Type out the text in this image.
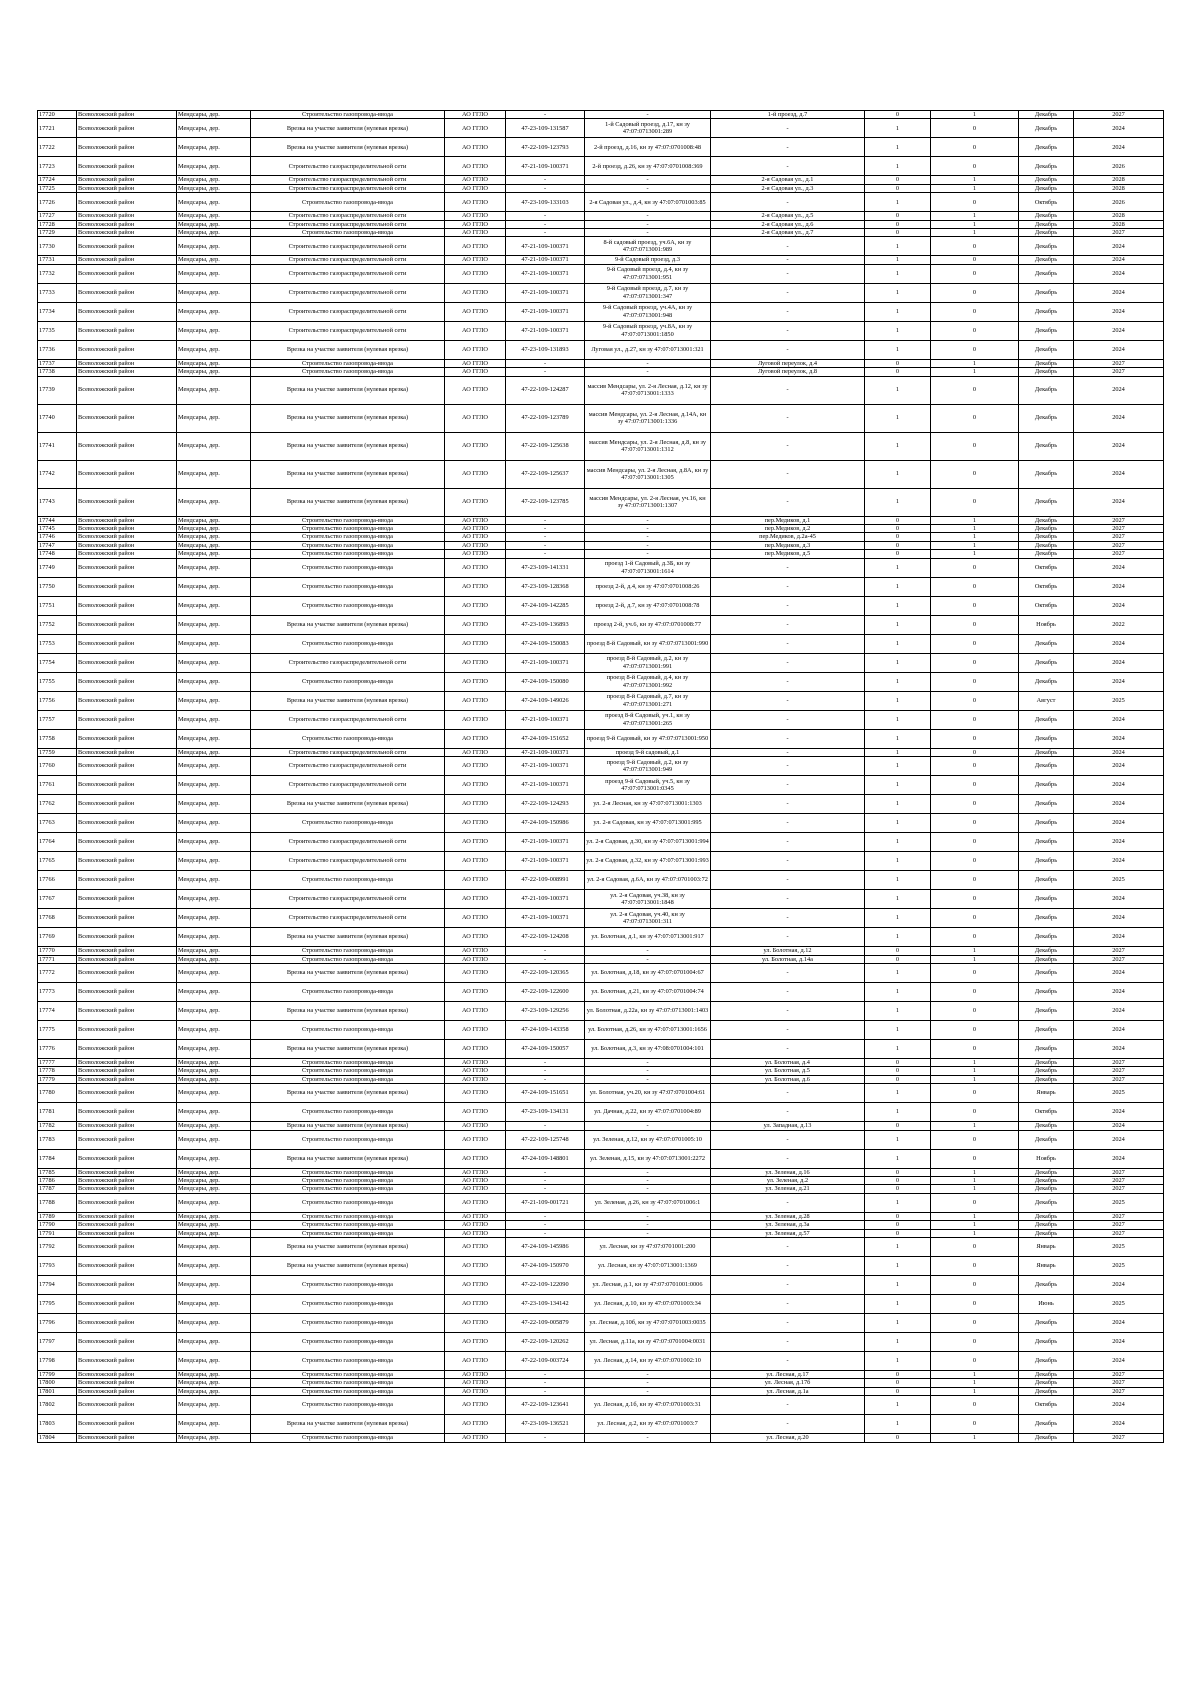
17720	Всеволожский район	Мендсары, дер.	Строительство газопровода-ввода	АО ГГЛО	-	-	1-й проезд, д.7	0	1	Декабрь	2027
17721	Всеволожский район	Мендсары, дер.	Врезка на участке заявителя (нулевая врезка)	АО ГГЛО	47-23-109-131587	1-й Садовый проезд, д.17, кн зу 47:07:0713001:289	-	1	0	Декабрь	2024
17722	Всеволожский район	Мендсары, дер.	Врезка на участке заявителя (нулевая врезка)	АО ГГЛО	47-22-109-123793	2-й проезд, д.16, кн зу 47:07:0701008:48	-	1	0	Декабрь	2024
17723	Всеволожский район	Мендсары, дер.	Строительство газораспределительной сети	АО ГГЛО	47-21-109-100371	2-й проезд, д.26, кн зу 47:07:0701008:369	-	1	0	Декабрь	2026
17724	Всеволожский район	Мендсары, дер.	Строительство газораспределительной сети	АО ГГЛО	-	-	2-я Садовая ул., д.1	0	1	Декабрь	2028
17725	Всеволожский район	Мендсары, дер.	Строительство газораспределительной сети	АО ГГЛО	-	-	2-я Садовая ул., д.3	0	1	Декабрь	2028
17726	Всеволожский район	Мендсары, дер.	Строительство газопровода-ввода	АО ГГЛО	47-23-109-133103	2-я Садовая ул., д.4, кн зу 47:07:0701003:85	-	1	0	Октябрь	2026
17727	Всеволожский район	Мендсары, дер.	Строительство газораспределительной сети	АО ГГЛО	-	-	2-я Садовая ул., д.5	0	1	Декабрь	2028
17728	Всеволожский район	Мендсары, дер.	Строительство газораспределительной сети	АО ГГЛО	-	-	2-я Садовая ул., д.6	0	1	Декабрь	2028
17729	Всеволожский район	Мендсары, дер.	Строительство газопровода-ввода	АО ГГЛО	-	-	2-я Садовая ул., д.7	0	1	Декабрь	2027
17730	Всеволожский район	Мендсары, дер.	Строительство газораспределительной сети	АО ГГЛО	47-21-109-100371	8-й садовый проезд, уч.6А, кн зу 47:07:0713001:989	-	1	0	Декабрь	2024
17731	Всеволожский район	Мендсары, дер.	Строительство газораспределительной сети	АО ГГЛО	47-21-109-100371	9-й Садовый проезд, д.3	-	1	0	Декабрь	2024
17732	Всеволожский район	Мендсары, дер.	Строительство газораспределительной сети	АО ГГЛО	47-21-109-100371	9-й Садовый проезд, д.4, кн зу 47:07:0713001:951	-	1	0	Декабрь	2024
17733	Всеволожский район	Мендсары, дер.	Строительство газораспределительной сети	АО ГГЛО	47-21-109-100371	9-й Садовый проезд, д.7, кн зу 47:07:0713001:347	-	1	0	Декабрь	2024
17734	Всеволожский район	Мендсары, дер.	Строительство газораспределительной сети	АО ГГЛО	47-21-109-100371	9-й Садовый проезд, уч.4А, кн зу 47:07:0713001:948	-	1	0	Декабрь	2024
17735	Всеволожский район	Мендсары, дер.	Строительство газораспределительной сети	АО ГГЛО	47-21-109-100371	9-й Садовый проезд, уч.8А, кн зу 47:07:0713001:1850	-	1	0	Декабрь	2024
17736	Всеволожский район	Мендсары, дер.	Врезка на участке заявителя (нулевая врезка)	АО ГГЛО	47-23-109-131893	Луговая ул., д.27, кн зу 47:07:0713001:321	-	1	0	Декабрь	2024
17737	Всеволожский район	Мендсары, дер.	Строительство газопровода-ввода	АО ГГЛО	-	-	Луговой переулок, д.4	0	1	Декабрь	2027
17738	Всеволожский район	Мендсары, дер.	Строительство газопровода-ввода	АО ГГЛО	-	-	Луговой переулок, д.8	0	1	Декабрь	2027
17739	Всеволожский район	Мендсары, дер.	Врезка на участке заявителя (нулевая врезка)	АО ГГЛО	47-22-109-124287	массив Мендсары, ул. 2-я Лесная, д.12, кн зу 47:07:0713001:1333	-	1	0	Декабрь	2024
17740	Всеволожский район	Мендсары, дер.	Врезка на участке заявителя (нулевая врезка)	АО ГГЛО	47-22-109-123789	массив Мендсары, ул. 2-я Лесная, д.14А, кн зу 47:07:0713001:1336	-	1	0	Декабрь	2024
17741	Всеволожский район	Мендсары, дер.	Врезка на участке заявителя (нулевая врезка)	АО ГГЛО	47-22-109-125638	массив Мендсары, ул. 2-я Лесная, д.8, кн зу 47:07:0713001:1312	-	1	0	Декабрь	2024
17742	Всеволожский район	Мендсары, дер.	Врезка на участке заявителя (нулевая врезка)	АО ГГЛО	47-22-109-125637	массив Мендсары, ул. 2-я Лесная, д.8А, кн зу 47:07:0713001:1305	-	1	0	Декабрь	2024
17743	Всеволожский район	Мендсары, дер.	Врезка на участке заявителя (нулевая врезка)	АО ГГЛО	47-22-109-123785	массив Мендсары, ул. 2-я Лесная, уч.16, кн зу 47:07:0713001:1307	-	1	0	Декабрь	2024
17744	Всеволожский район	Мендсары, дер.	Строительство газопровода-ввода	АО ГГЛО	-	-	пер.Медиков, д.1	0	1	Декабрь	2027
17745	Всеволожский район	Мендсары, дер.	Строительство газопровода-ввода	АО ГГЛО	-	-	пер.Медиков, д.2	0	1	Декабрь	2027
17746	Всеволожский район	Мендсары, дер.	Строительство газопровода-ввода	АО ГГЛО	-	-	пер.Медиков, д.2а-45	0	1	Декабрь	2027
17747	Всеволожский район	Мендсары, дер.	Строительство газопровода-ввода	АО ГГЛО	-	-	пер.Медиков, д.3	0	1	Декабрь	2027
17748	Всеволожский район	Мендсары, дер.	Строительство газопровода-ввода	АО ГГЛО	-	-	пер.Медиков, д.5	0	1	Декабрь	2027
17749	Всеволожский район	Мендсары, дер.	Строительство газопровода-ввода	АО ГГЛО	47-23-109-141331	проезд 1-й Садовый, д.3Б, кн зу 47:07:0713001:1614	-	1	0	Октябрь	2024
17750	Всеволожский район	Мендсары, дер.	Строительство газопровода-ввода	АО ГГЛО	47-23-109-128368	проезд 2-й, д.4, кн зу 47:07:0701008:26	-	1	0	Октябрь	2024
17751	Всеволожский район	Мендсары, дер.	Строительство газопровода-ввода	АО ГГЛО	47-24-109-142285	проезд 2-й, д.7, кн зу 47:07:0701008:78	-	1	0	Октябрь	2024
17752	Всеволожский район	Мендсары, дер.	Врезка на участке заявителя (нулевая врезка)	АО ГГЛО	47-23-109-136893	проезд 2-й, уч.6, кн зу 47:07:0701008:77	-	1	0	Ноябрь	2022
17753	Всеволожский район	Мендсары, дер.	Строительство газопровода-ввода	АО ГГЛО	47-24-109-150083	проезд 8-й Садовый, кн зу 47:07:0713001:990	-	1	0	Декабрь	2024
17754	Всеволожский район	Мендсары, дер.	Строительство газораспределительной сети	АО ГГЛО	47-21-109-100371	проезд 8-й Садовый, д.2, кн зу 47:07:0713001:991	-	1	0	Декабрь	2024
17755	Всеволожский район	Мендсары, дер.	Строительство газопровода-ввода	АО ГГЛО	47-24-109-150080	проезд 8-й Садовый, д.4, кн зу 47:07:0713001:992	-	1	0	Декабрь	2024
17756	Всеволожский район	Мендсары, дер.	Врезка на участке заявителя (нулевая врезка)	АО ГГЛО	47-24-109-149026	проезд 8-й Садовый, д.7, кн зу 47:07:0713001:271	-	1	0	Август	2025
17757	Всеволожский район	Мендсары, дер.	Строительство газораспределительной сети	АО ГГЛО	47-21-109-100371	проезд 8-й Садовый, уч.1, кн зу 47:07:0713001:265	-	1	0	Декабрь	2024
17758	Всеволожский район	Мендсары, дер.	Строительство газопровода-ввода	АО ГГЛО	47-24-109-151652	проезд 9-й Садовый, кн зу 47:07:0713001:950	-	1	0	Декабрь	2024
17759	Всеволожский район	Мендсары, дер.	Строительство газораспределительной сети	АО ГГЛО	47-21-109-100371	проезд 9-й садовый, д.1	-	1	0	Декабрь	2024
17760	Всеволожский район	Мендсары, дер.	Строительство газораспределительной сети	АО ГГЛО	47-21-109-100371	проезд 9-й Садовый, д.2, кн зу 47:07:0713001:949	-	1	0	Декабрь	2024
17761	Всеволожский район	Мендсары, дер.	Строительство газораспределительной сети	АО ГГЛО	47-21-109-100371	проезд 9-й Садовый, уч.5, кн зу 47:07:0713001:0345	-	1	0	Декабрь	2024
17762	Всеволожский район	Мендсары, дер.	Врезка на участке заявителя (нулевая врезка)	АО ГГЛО	47-22-109-124293	ул. 2-я Лесная, кн зу 47:07:0713001:1303	-	1	0	Декабрь	2024
17763	Всеволожский район	Мендсары, дер.	Строительство газопровода-ввода	АО ГГЛО	47-24-109-150986	ул. 2-я Садовая, кн зу 47:07:0713001:995	-	1	0	Декабрь	2024
17764	Всеволожский район	Мендсары, дер.	Строительство газораспределительной сети	АО ГГЛО	47-21-109-100371	ул. 2-я Садовая, д.30, кн зу 47:07:0713001:994	-	1	0	Декабрь	2024
17765	Всеволожский район	Мендсары, дер.	Строительство газораспределительной сети	АО ГГЛО	47-21-109-100371	ул. 2-я Садовая, д.32, кн зу 47:07:0713001:993	-	1	0	Декабрь	2024
17766	Всеволожский район	Мендсары, дер.	Строительство газопровода-ввода	АО ГГЛО	47-22-109-008991	ул. 2-я Садовая, д.6А, кн зу 47:07:0701003:72	-	1	0	Декабрь	2025
17767	Всеволожский район	Мендсары, дер.	Строительство газораспределительной сети	АО ГГЛО	47-21-109-100371	ул. 2-я Садовая, уч.38, кн зу 47:07:0713001:1848	-	1	0	Декабрь	2024
17768	Всеволожский район	Мендсары, дер.	Строительство газораспределительной сети	АО ГГЛО	47-21-109-100371	ул. 2-я Садовая, уч.40, кн зу 47:07:0713001:311	-	1	0	Декабрь	2024
17769	Всеволожский район	Мендсары, дер.	Врезка на участке заявителя (нулевая врезка)	АО ГГЛО	47-22-109-124208	ул. Болотная, д.1, кн зу 47:07:0713001:917	-	1	0	Декабрь	2024
17770	Всеволожский район	Мендсары, дер.	Строительство газопровода-ввода	АО ГГЛО	-	-	ул. Болотная, д.12	0	1	Декабрь	2027
17771	Всеволожский район	Мендсары, дер.	Строительство газопровода-ввода	АО ГГЛО	-	-	ул. Болотная, д.14а	0	1	Декабрь	2027
17772	Всеволожский район	Мендсары, дер.	Врезка на участке заявителя (нулевая врезка)	АО ГГЛО	47-22-109-120365	ул. Болотная, д.18, кн зу 47:07:0701004:67	-	1	0	Декабрь	2024
17773	Всеволожский район	Мендсары, дер.	Строительство газопровода-ввода	АО ГГЛО	47-22-109-122600	ул. Болотная, д.21, кн зу 47:07:0701004:74	-	1	0	Декабрь	2024
17774	Всеволожский район	Мендсары, дер.	Врезка на участке заявителя (нулевая врезка)	АО ГГЛО	47-23-109-129256	ул. Болотная, д.22а, кн зу 47:07:0713001:1403	-	1	0	Декабрь	2024
17775	Всеволожский район	Мендсары, дер.	Строительство газопровода-ввода	АО ГГЛО	47-24-109-143358	ул. Болотная, д.26, кн зу 47:07:0713001:1656	-	1	0	Декабрь	2024
17776	Всеволожский район	Мендсары, дер.	Врезка на участке заявителя (нулевая врезка)	АО ГГЛО	47-24-109-150057	ул. Болотная, д.3, кн зу 47:08:0701004:101	-	1	0	Декабрь	2024
17777	Всеволожский район	Мендсары, дер.	Строительство газопровода-ввода	АО ГГЛО	-	-	ул. Болотная, д.4	0	1	Декабрь	2027
17778	Всеволожский район	Мендсары, дер.	Строительство газопровода-ввода	АО ГГЛО	-	-	ул. Болотная, д.5	0	1	Декабрь	2027
17779	Всеволожский район	Мендсары, дер.	Строительство газопровода-ввода	АО ГГЛО	-	-	ул. Болотная, д.6	0	1	Декабрь	2027
17780	Всеволожский район	Мендсары, дер.	Врезка на участке заявителя (нулевая врезка)	АО ГГЛО	47-24-109-151651	ул. Болотная, уч.20, кн зу 47:07:0701004:61	-	1	0	Январь	2025
17781	Всеволожский район	Мендсары, дер.	Строительство газопровода-ввода	АО ГГЛО	47-23-109-134131	ул. Дачная, д.22, кн зу 47:07:0701004:89	-	1	0	Октябрь	2024
17782	Всеволожский район	Мендсары, дер.	Врезка на участке заявителя (нулевая врезка)	АО ГГЛО	-	-	ул. Западная, д.13	0	1	Декабрь	2024
17783	Всеволожский район	Мендсары, дер.	Строительство газопровода-ввода	АО ГГЛО	47-22-109-125748	ул. Зеленая, д.12, кн зу 47:07:0701005:10	-	1	0	Декабрь	2024
17784	Всеволожский район	Мендсары, дер.	Врезка на участке заявителя (нулевая врезка)	АО ГГЛО	47-24-109-148801	ул. Зеленая, д.15, кн зу 47:07:0713001:2272	-	1	0	Ноябрь	2024
17785	Всеволожский район	Мендсары, дер.	Строительство газопровода-ввода	АО ГГЛО	-	-	ул. Зеленая, д.16	0	1	Декабрь	2027
17786	Всеволожский район	Мендсары, дер.	Строительство газопровода-ввода	АО ГГЛО	-	-	ул. Зеленая, д.2	0	1	Декабрь	2027
17787	Всеволожский район	Мендсары, дер.	Строительство газопровода-ввода	АО ГГЛО	-	-	ул. Зеленая, д.21	0	1	Декабрь	2027
17788	Всеволожский район	Мендсары, дер.	Строительство газопровода-ввода	АО ГГЛО	47-21-109-001721	ул. Зеленая, д.26, кн зу 47:07:0701006:1	-	1	0	Декабрь	2025
17789	Всеволожский район	Мендсары, дер.	Строительство газопровода-ввода	АО ГГЛО	-	-	ул. Зеленая, д.28	0	1	Декабрь	2027
17790	Всеволожский район	Мендсары, дер.	Строительство газопровода-ввода	АО ГГЛО	-	-	ул. Зеленая, д.3а	0	1	Декабрь	2027
17791	Всеволожский район	Мендсары, дер.	Строительство газопровода-ввода	АО ГГЛО	-	-	ул. Зеленая, д.57	0	1	Декабрь	2027
17792	Всеволожский район	Мендсары, дер.	Врезка на участке заявителя (нулевая врезка)	АО ГГЛО	47-24-109-145986	ул. Лесная, кн зу 47:07:0701001:200	-	1	0	Январь	2025
17793	Всеволожский район	Мендсары, дер.	Врезка на участке заявителя (нулевая врезка)	АО ГГЛО	47-24-109-150970	ул. Лесная, кн зу 47:07:0713001:1369	-	1	0	Январь	2025
17794	Всеволожский район	Мендсары, дер.	Строительство газопровода-ввода	АО ГГЛО	47-22-109-122090	ул. Лесная, д.1, кн зу 47:07:0701001:0006	-	1	0	Декабрь	2024
17795	Всеволожский район	Мендсары, дер.	Строительство газопровода-ввода	АО ГГЛО	47-23-109-134142	ул. Лесная, д.10, кн зу 47:07:0701003:34	-	1	0	Июнь	2025
17796	Всеволожский район	Мендсары, дер.	Строительство газопровода-ввода	АО ГГЛО	47-22-109-005879	ул. Лесная, д.10б, кн зу 47:07:0701003:0035	-	1	0	Декабрь	2024
17797	Всеволожский район	Мендсары, дер.	Строительство газопровода-ввода	АО ГГЛО	47-22-109-120262	ул. Лесная, д.11а, кн зу 47:07:0701004:0031	-	1	0	Декабрь	2024
17798	Всеволожский район	Мендсары, дер.	Строительство газопровода-ввода	АО ГГЛО	47-22-109-003724	ул. Лесная, д.14, кн зу 47:07:0701002:10	-	1	0	Декабрь	2024
17799	Всеволожский район	Мендсары, дер.	Строительство газопровода-ввода	АО ГГЛО	-	-	ул. Лесная, д.17	0	1	Декабрь	2027
17800	Всеволожский район	Мендсары, дер.	Строительство газопровода-ввода	АО ГГЛО	-	-	ул. Лесная, д.17б	0	1	Декабрь	2027
17801	Всеволожский район	Мендсары, дер.	Строительство газопровода-ввода	АО ГГЛО	-	-	ул. Лесная, д.1а	0	1	Декабрь	2027
17802	Всеволожский район	Мендсары, дер.	Строительство газопровода-ввода	АО ГГЛО	47-22-109-123641	ул. Лесная, д.1б, кн зу 47:07:0701003:31	-	1	0	Октябрь	2024
17803	Всеволожский район	Мендсары, дер.	Врезка на участке заявителя (нулевая врезка)	АО ГГЛО	47-23-109-136521	ул. Лесная, д.2, кн зу 47:07:0701003:7	-	1	0	Декабрь	2024
17804	Всеволожский район	Мендсары, дер.	Строительство газопровода-ввода	АО ГГЛО	-	-	ул. Лесная, д.20	0	1	Декабрь	2027
